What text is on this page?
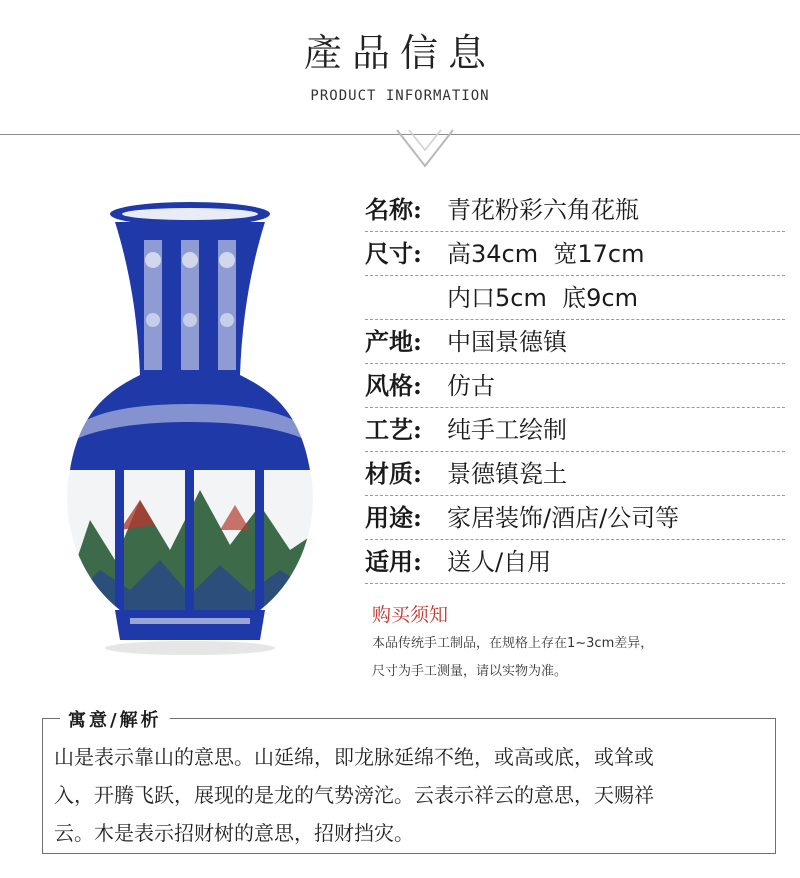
產品信息
PRODUCT INFORMATION
名称: 青花粉彩六角花瓶
尺寸: 高34cm  宽17cm
内口5cm  底9cm
产地: 中国景德镇
风格: 仿古
工艺: 纯手工绘制
材质: 景德镇瓷土
用途: 家居装饰/酒店/公司等
适用: 送人/自用
购买须知
本品传统手工制品，在规格上存在1~3cm差异，
尺寸为手工测量，请以实物为准。
寓意/解析
山是表示靠山的意思。山延绵，即龙脉延绵不绝，或高或底，或耸或
入，开腾飞跃，展现的是龙的气势滂沱。云表示祥云的意思，天赐祥
云。木是表示招财树的意思，招财挡灾。
